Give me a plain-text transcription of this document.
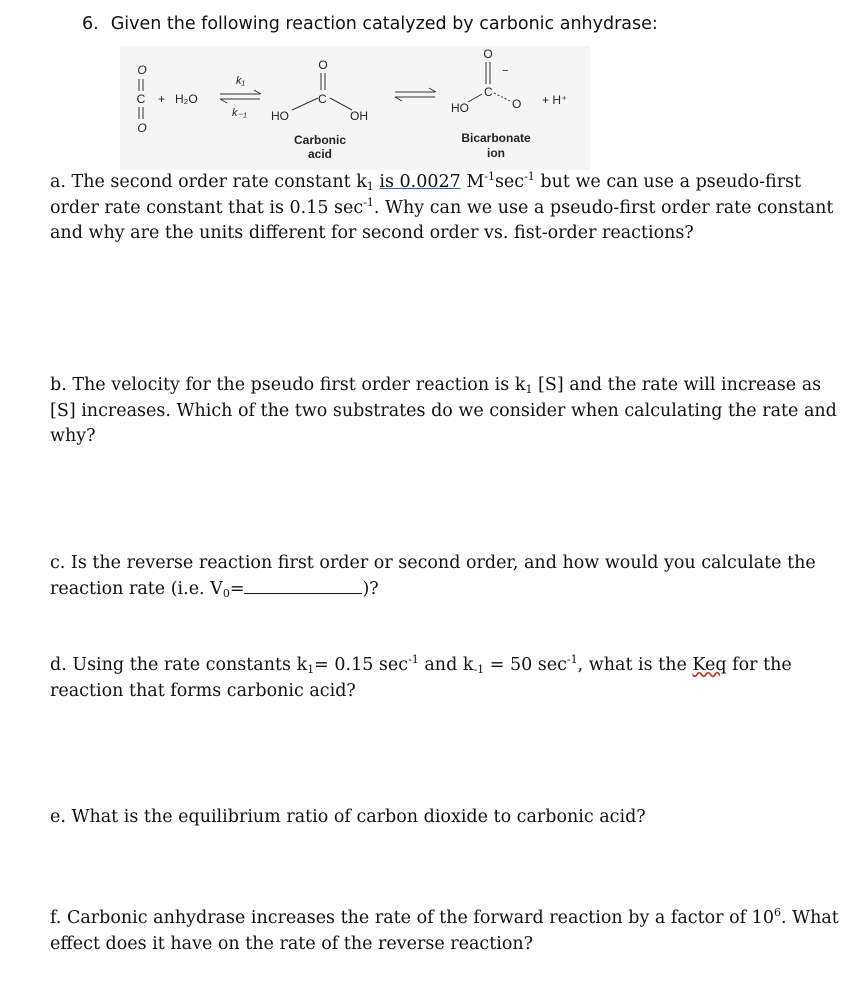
6. Given the following reaction catalyzed by carbonic anhydrase:
O
C
O
+ H₂O
k₁
k₋₁
O
C
HO	OH
Carbonic
acid
O
−
C
O
HO
+ H⁺
Bicarbonate
ion
a. The second order rate constant $k_1$ is 0.0027 $M^{-1}\sec^{-1}$ but we can use a pseudo-first order rate constant that is 0.15 $\sec^{-1}$. Why can we use a pseudo-first order rate constant and why are the units different for second order vs. fist-order reactions?
b. The velocity for the pseudo first order reaction is $k_1$ [S] and the rate will increase as [S] increases. Which of the two substrates do we consider when calculating the rate and why?
c. Is the reverse reaction first order or second order, and how would you calculate the reaction rate (i.e. $V_0=$	)?
d. Using the rate constants $k_1= 0.15$ $\sec^{-1}$ and $k_{-1} = 50$ $\sec^{-1}$, what is the Keq for the reaction that forms carbonic acid?
e. What is the equilibrium ratio of carbon dioxide to carbonic acid?
f. Carbonic anhydrase increases the rate of the forward reaction by a factor of $10^6$. What effect does it have on the rate of the reverse reaction?
